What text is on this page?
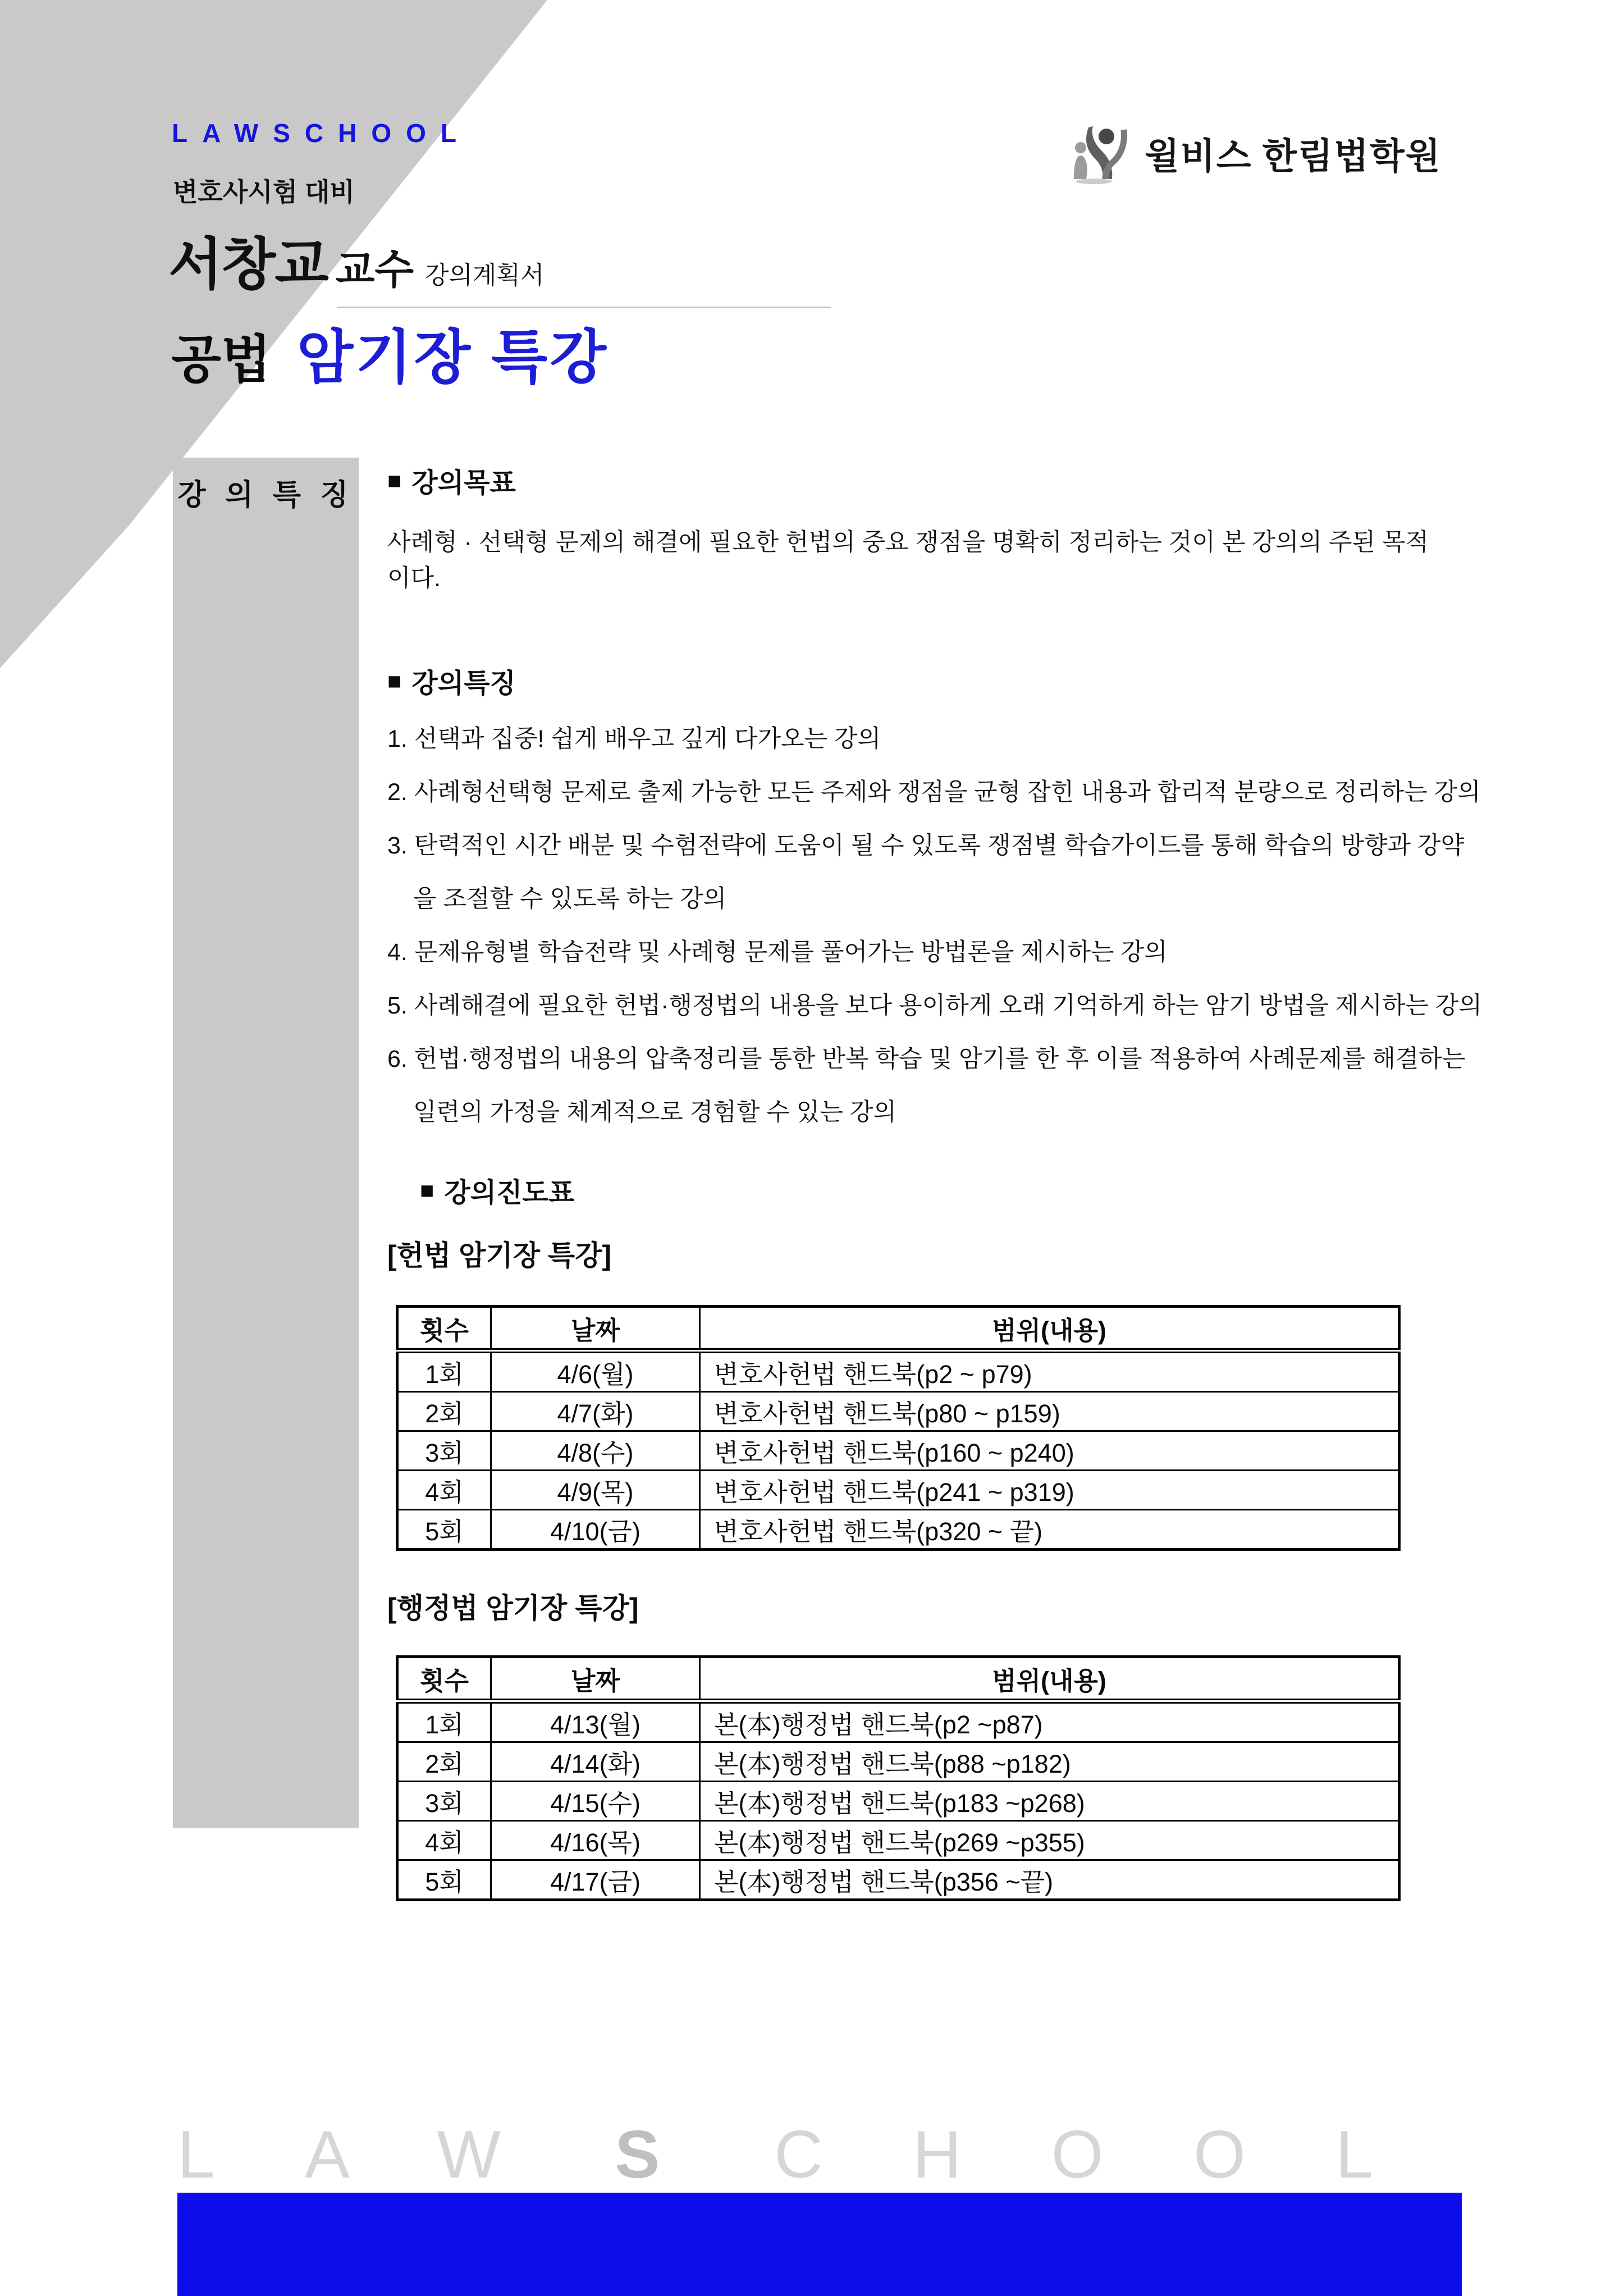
LAWSCHOOL
변호사시험 대비
서창교 교수 강의계획서
공법 암기장 특강
윌비스 한림법학원
강 의 특 징 ■ 강의목표
사례형 · 선택형 문제의 해결에 필요한 헌법의 중요 쟁점을 명확히 정리하는 것이 본 강의의 주된 목적이다.
■ 강의특징
1. 선택과 집중! 쉽게 배우고 깊게 다가오는 강의
2. 사례형선택형 문제로 출제 가능한 모든 주제와 쟁점을 균형 잡힌 내용과 합리적 분량으로 정리하는 강의
3. 탄력적인 시간 배분 및 수험전략에 도움이 될 수 있도록 쟁점별 학습가이드를 통해 학습의 방향과 강약
을 조절할 수 있도록 하는 강의
4. 문제유형별 학습전략 및 사례형 문제를 풀어가는 방법론을 제시하는 강의
5. 사례해결에 필요한 헌법·행정법의 내용을 보다 용이하게 오래 기억하게 하는 암기 방법을 제시하는 강의
6. 헌법·행정법의 내용의 압축정리를 통한 반복 학습 및 암기를 한 후 이를 적용하여 사례문제를 해결하는
일련의 가정을 체계적으로 경험할 수 있는 강의
■ 강의진도표
[헌법 암기장 특강]
횟수	날짜	범위(내용)
1회	4/6(월)	변호사헌법 핸드북(p2 ~ p79)
2회	4/7(화)	변호사헌법 핸드북(p80 ~ p159)
3회	4/8(수)	변호사헌법 핸드북(p160 ~ p240)
4회	4/9(목)	변호사헌법 핸드북(p241 ~ p319)
5회	4/10(금)	변호사헌법 핸드북(p320 ~ 끝)
[행정법 암기장 특강]
횟수	날짜	범위(내용)
1회	4/13(월)	본(本)행정법 핸드북(p2 ~p87)
2회	4/14(화)	본(本)행정법 핸드북(p88 ~p182)
3회	4/15(수)	본(本)행정법 핸드북(p183 ~p268)
4회	4/16(목)	본(本)행정법 핸드북(p269 ~p355)
5회	4/17(금)	본(本)행정법 핸드북(p356 ~끝)
LAW S CHOOL
